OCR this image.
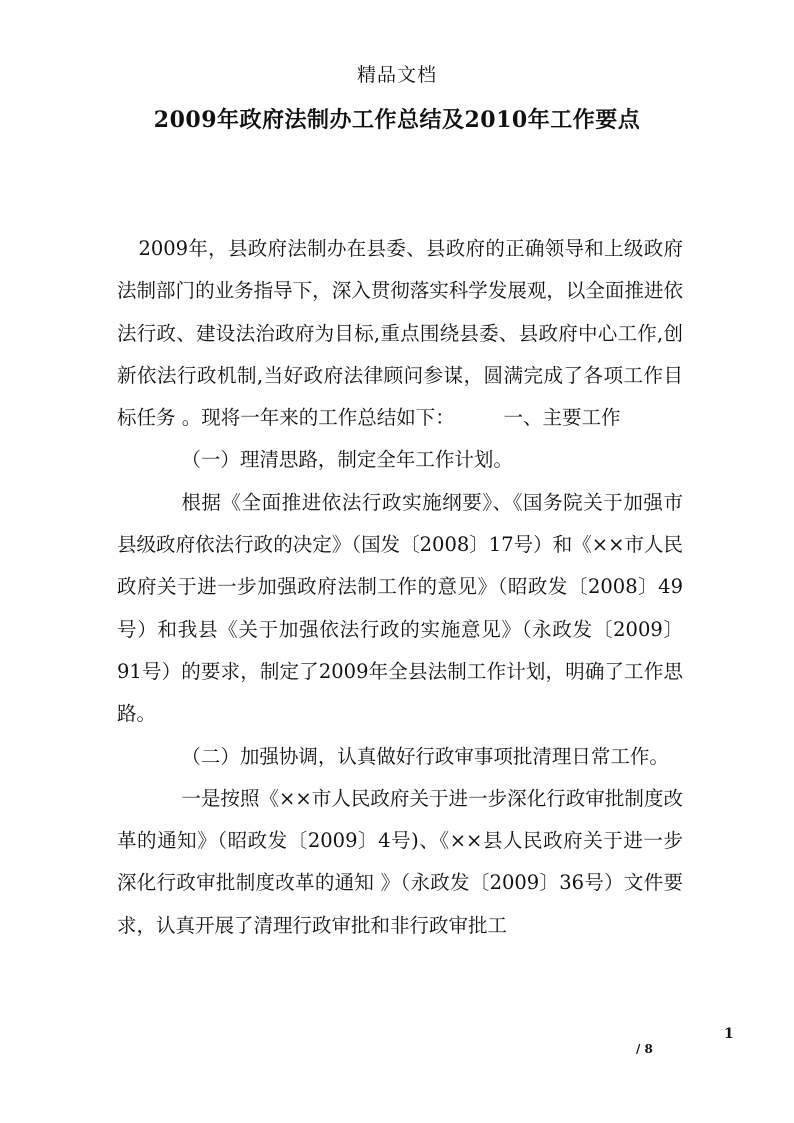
精品文档
2009年政府法制办工作总结及2010年工作要点

2009年，县政府法制办在县委、县政府的正确领导和上级政府法制部门的业务指导下，深入贯彻落实科学发展观，以全面推进依法行政、建设法治政府为目标,重点围绕县委、县政府中心工作,创新依法行政机制,当好政府法律顾问参谋，圆满完成了各项工作目标任务 。现将一年来的工作总结如下：　　　一、主要工作

（一）理清思路，制定全年工作计划。

根据《全面推进依法行政实施纲要》、《国务院关于加强市县级政府依法行政的决定》（国发〔2008〕17号）和《××市人民政府关于进一步加强政府法制工作的意见》（昭政发〔2008〕49号）和我县《关于加强依法行政的实施意见》（永政发〔2009〕91号）的要求，制定了2009年全县法制工作计划，明确了工作思路。

（二）加强协调，认真做好行政审事项批清理日常工作。

一是按照《××市人民政府关于进一步深化行政审批制度改革的通知》（昭政发〔2009〕4号)、《××县人民政府关于进一步深化行政审批制度改革的通知 》（永政发〔2009〕36号）文件要求，认真开展了清理行政审批和非行政审批工

1
/ 8
